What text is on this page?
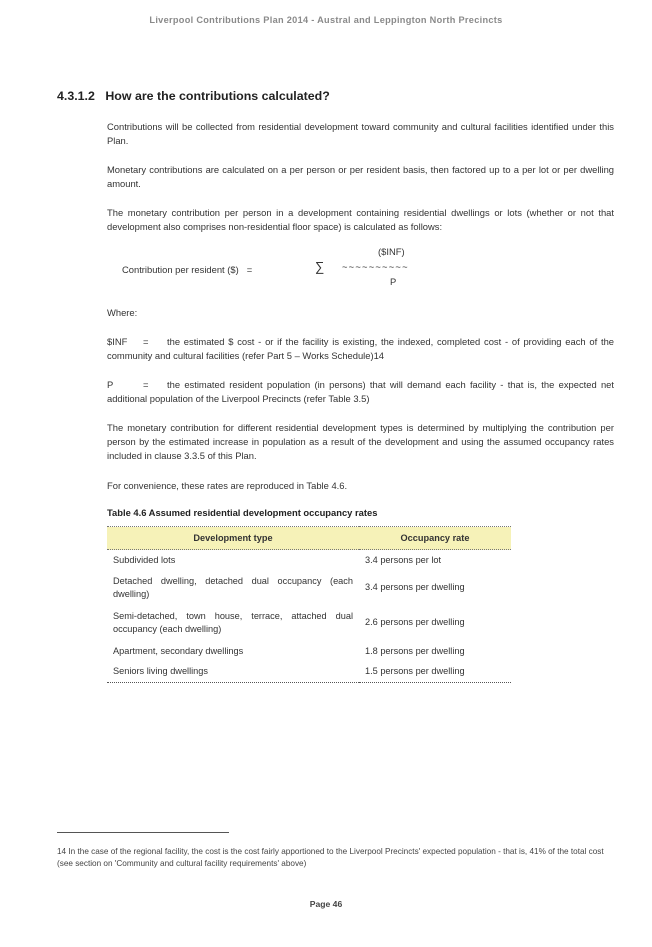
Liverpool Contributions Plan 2014 - Austral and Leppington North Precincts
4.3.1.2 How are the contributions calculated?
Contributions will be collected from residential development toward community and cultural facilities identified under this Plan.
Monetary contributions are calculated on a per person or per resident basis, then factored up to a per lot or per dwelling amount.
The monetary contribution per person in a development containing residential dwellings or lots (whether or not that development also comprises non-residential floor space) is calculated as follows:
Contribution per resident ($) =	∑
($INF)
~~~~~~~~~~
P
Where:
$INF = the estimated $ cost - or if the facility is existing, the indexed, completed cost - of providing each of the community and cultural facilities (refer Part 5 – Works Schedule)14
P	= the estimated resident population (in persons) that will demand each facility - that is, the expected net additional population of the Liverpool Precincts (refer Table 3.5)
The monetary contribution for different residential development types is determined by multiplying the contribution per person by the estimated increase in population as a result of the development and using the assumed occupancy rates included in clause 3.3.5 of this Plan.
For convenience, these rates are reproduced in Table 4.6.
Table 4.6 Assumed residential development occupancy rates
Development type	Occupancy rate
Subdivided lots	3.4 persons per lot
Detached dwelling, detached dual occupancy (each dwelling)	3.4 persons per dwelling
Semi-detached, town house, terrace, attached dual occupancy (each dwelling)	2.6 persons per dwelling
Apartment, secondary dwellings	1.8 persons per dwelling
Seniors living dwellings	1.5 persons per dwelling
14 In the case of the regional facility, the cost is the cost fairly apportioned to the Liverpool Precincts' expected population - that is, 41% of the total cost (see section on 'Community and cultural facility requirements' above)
Page 46
